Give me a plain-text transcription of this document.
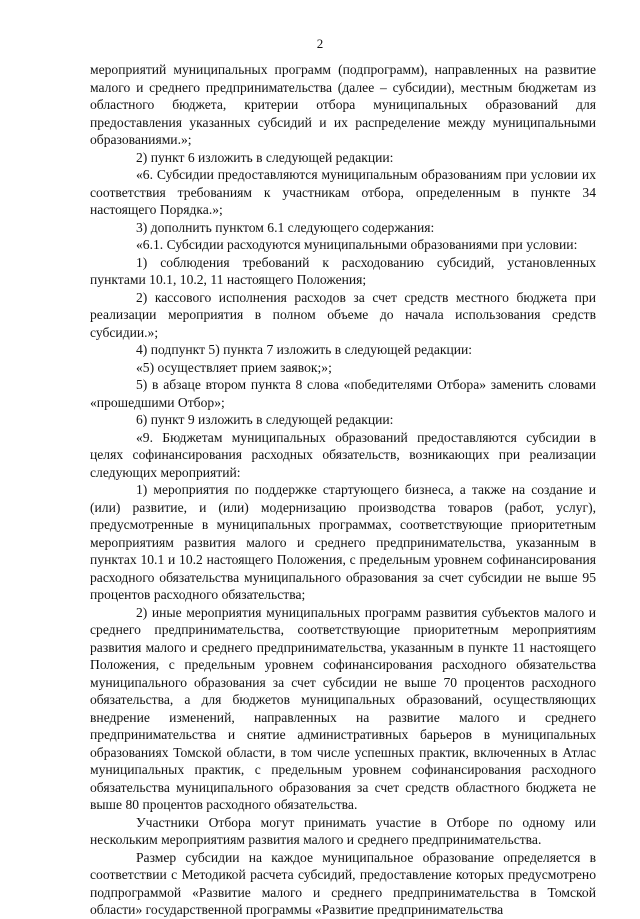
2

мероприятий муниципальных программ (подпрограмм), направленных на развитие малого и среднего предпринимательства (далее – субсидии), местным бюджетам из областного бюджета, критерии отбора муниципальных образований для предоставления указанных субсидий и их распределение между муниципальными образованиями.»;

2) пункт 6 изложить в следующей редакции:

«6. Субсидии предоставляются муниципальным образованиям при условии их соответствия требованиям к участникам отбора, определенным в пункте 34 настоящего Порядка.»;

3) дополнить пунктом 6.1 следующего содержания:

«6.1. Субсидии расходуются муниципальными образованиями при условии:

1) соблюдения требований к расходованию субсидий, установленных пунктами 10.1, 10.2, 11 настоящего Положения;

2) кассового исполнения расходов за счет средств местного бюджета при реализации мероприятия в полном объеме до начала использования средств субсидии.»;

4) подпункт 5) пункта 7 изложить в следующей редакции:

«5) осуществляет прием заявок;»;

5) в абзаце втором пункта 8 слова «победителями Отбора» заменить словами «прошедшими Отбор»;

6) пункт 9 изложить в следующей редакции:

«9. Бюджетам муниципальных образований предоставляются субсидии в целях софинансирования расходных обязательств, возникающих при реализации следующих мероприятий:

1) мероприятия по поддержке стартующего бизнеса, а также на создание и (или) развитие, и (или) модернизацию производства товаров (работ, услуг), предусмотренные в муниципальных программах, соответствующие приоритетным мероприятиям развития малого и среднего предпринимательства, указанным в пунктах 10.1 и 10.2 настоящего Положения, с предельным уровнем софинансирования расходного обязательства муниципального образования за счет субсидии не выше 95 процентов расходного обязательства;

2) иные мероприятия муниципальных программ развития субъектов малого и среднего предпринимательства, соответствующие приоритетным мероприятиям развития малого и среднего предпринимательства, указанным в пункте 11 настоящего Положения, с предельным уровнем софинансирования расходного обязательства муниципального образования за счет субсидии не выше 70 процентов расходного обязательства, а для бюджетов муниципальных образований, осуществляющих внедрение изменений, направленных на развитие малого и среднего предпринимательства и снятие административных барьеров в муниципальных образованиях Томской области, в том числе успешных практик, включенных в Атлас муниципальных практик, с предельным уровнем софинансирования расходного обязательства муниципального образования за счет средств областного бюджета не выше 80 процентов расходного обязательства.

Участники Отбора могут принимать участие в Отборе по одному или нескольким мероприятиям развития малого и среднего предпринимательства.

Размер субсидии на каждое муниципальное образование определяется в соответствии с Методикой расчета субсидий, предоставление которых предусмотрено подпрограммой «Развитие малого и среднего предпринимательства в Томской области» государственной программы «Развитие предпринимательства
